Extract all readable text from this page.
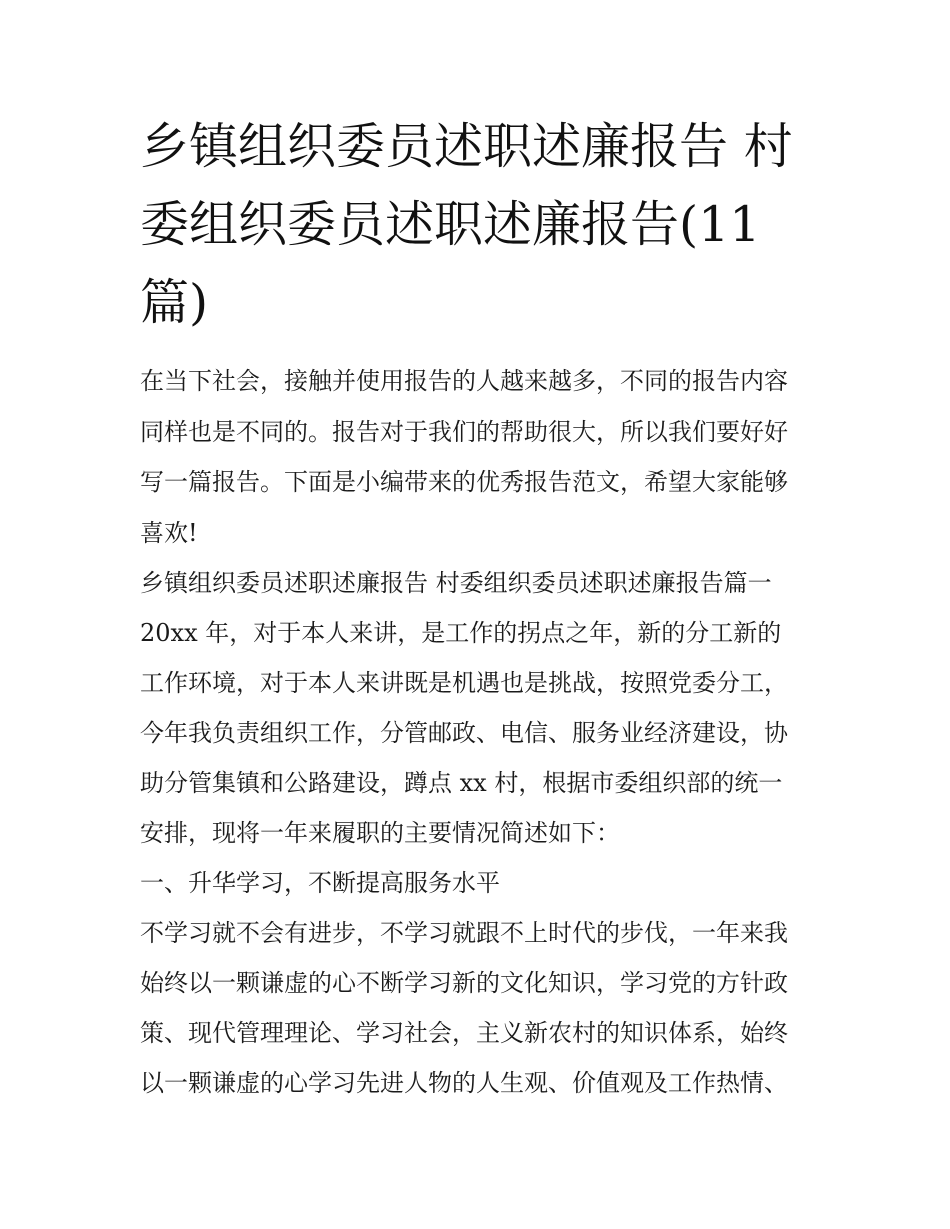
乡镇组织委员述职述廉报告 村
委组织委员述职述廉报告(11
篇)
在当下社会，接触并使用报告的人越来越多，不同的报告内容
同样也是不同的。报告对于我们的帮助很大，所以我们要好好
写一篇报告。下面是小编带来的优秀报告范文，希望大家能够
喜欢!
乡镇组织委员述职述廉报告 村委组织委员述职述廉报告篇一
20xx 年，对于本人来讲，是工作的拐点之年，新的分工新的
工作环境，对于本人来讲既是机遇也是挑战，按照党委分工，
今年我负责组织工作，分管邮政、电信、服务业经济建设，协
助分管集镇和公路建设，蹲点 xx 村，根据市委组织部的统一
安排，现将一年来履职的主要情况简述如下：
一、升华学习，不断提高服务水平
不学习就不会有进步，不学习就跟不上时代的步伐，一年来我
始终以一颗谦虚的心不断学习新的文化知识，学习党的方针政
策、现代管理理论、学习社会，主义新农村的知识体系，始终
以一颗谦虚的心学习先进人物的人生观、价值观及工作热情、
